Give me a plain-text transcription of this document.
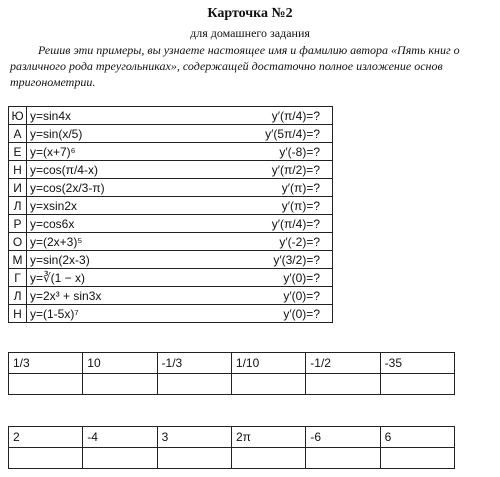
Карточка №2
для домашнего задания
Решив эти примеры, вы узнаете настоящее имя и фамилию автора «Пять книг о различного рода треугольниках», содержащей достаточно полное изложение основ тригонометрии.
Ю	y=sin4x y′(π/4)=?

А	y=sin(x/5) y′(5π/4)=?

Е	y=(x+7)⁶ y′(-8)=?

Н	y=cos(π/4-x) y′(π/2)=?

И	y=cos(2x/3-π) y′(π)=?

Л	y=xsin2x y′(π)=?

Р	y=cos6x y′(π/4)=?

О	y=(2x+3)⁵ y′(-2)=?

М	y=sin(2x-3) y′(3/2)=?

Г	y=∛(1 − x) y′(0)=?

Л	y=2x³ + sin3x y′(0)=?

Н	y=(1-5x)⁷ y′(0)=?
1/3	10	-1/3	1/10	-1/2	-35

2	-4	3	2π	-6	6
